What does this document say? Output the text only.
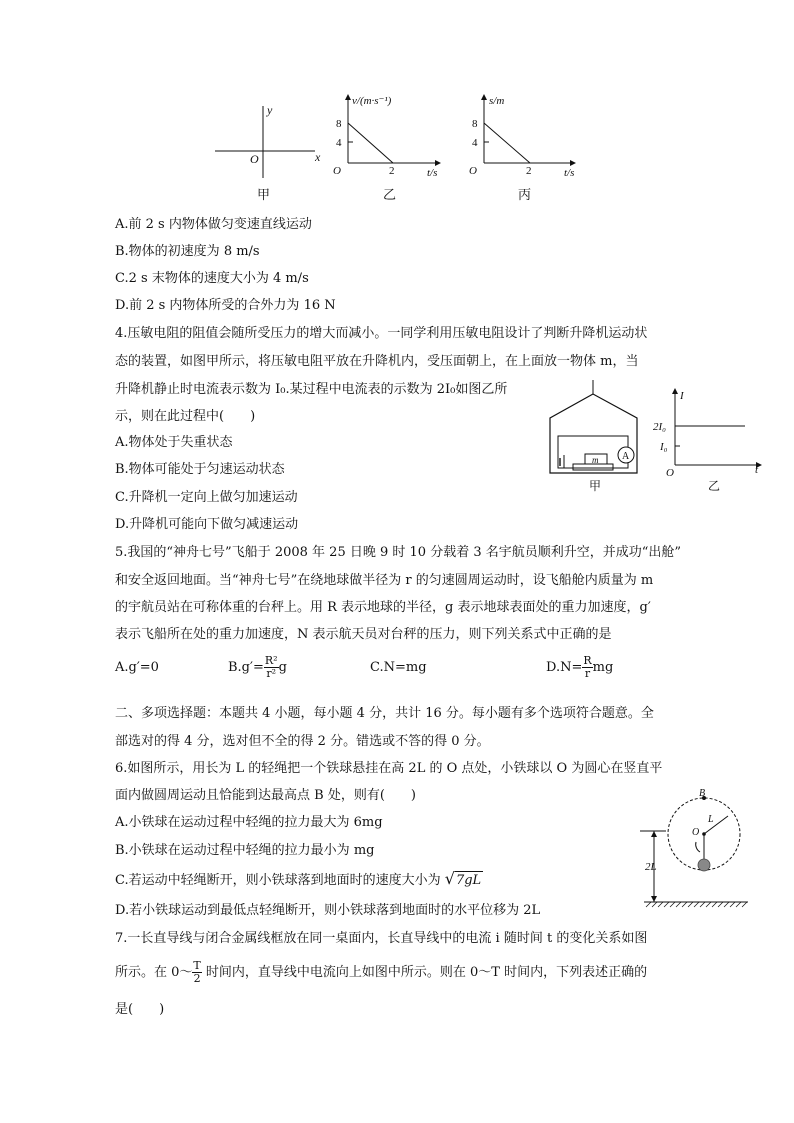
y
x
O
甲
v/(m·s⁻¹)
8
4
O	2	t/s
乙
s/m
8
4
O	2	t/s
丙
A.前 2 s 内物体做匀变速直线运动
B.物体的初速度为 8 m/s
C.2 s 末物体的速度大小为 4 m/s
D.前 2 s 内物体所受的合外力为 16 N
4.压敏电阻的阻值会随所受压力的增大而减小。一同学利用压敏电阻设计了判断升降机运动状
态的装置，如图甲所示，将压敏电阻平放在升降机内，受压面朝上，在上面放一物体 m，当
升降机静止时电流表示数为 I₀.某过程中电流表的示数为 2I₀如图乙所
示，则在此过程中(　　)
A.物体处于失重状态
B.物体可能处于匀速运动状态
C.升降机一定向上做匀加速运动
D.升降机可能向下做匀减速运动
m A
甲
I
2I₀
I₀
O	t
乙
5.我国的“神舟七号”飞船于 2008 年 25 日晚 9 时 10 分载着 3 名宇航员顺利升空，并成功“出舱”
和安全返回地面。当“神舟七号”在绕地球做半径为 r 的匀速圆周运动时，设飞船舱内质量为 m
的宇航员站在可称体重的台秤上。用 R 表示地球的半径，g 表示地球表面处的重力加速度，g′
表示飞船所在处的重力加速度，N 表示航天员对台秤的压力，则下列关系式中正确的是
A.g′=0	$B.g'= \frac{\text{R²}}{\text{r²}}$ g	C.N=mg	$D.N= \frac{R}{r}$ mg
二、多项选择题：本题共 4 小题，每小题 4 分，共计 16 分。每小题有多个选项符合题意。全
部选对的得 4 分，选对但不全的得 2 分。错选或不答的得 0 分。
6.如图所示，用长为 L 的轻绳把一个铁球悬挂在高 2L 的 O 点处，小铁球以 O 为圆心在竖直平
面内做圆周运动且恰能到达最高点 B 处，则有(　　)
A.小铁球在运动过程中轻绳的拉力最大为 6mg
B.小铁球在运动过程中轻绳的拉力最小为 mg
C.若运动中轻绳断开，则小铁球落到地面时的速度大小为 √7gL
D.若小铁球运动到最低点轻绳断开，则小铁球落到地面时的水平位移为 2L
B
L
O
2L
7.一长直导线与闭合金属线框放在同一桌面内，长直导线中的电流 i 随时间 t 的变化关系如图
所示。在 0～ $\frac{T}{2}$ 时间内，直导线中电流向上如图中所示。则在 0～T 时间内，下列表述正确的
是(　　)
